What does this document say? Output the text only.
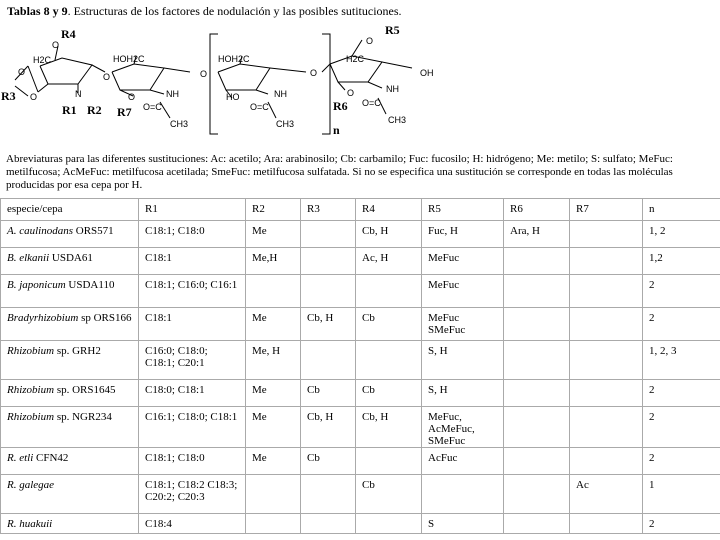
Tablas 8 y 9. Estructuras de los factores de nodulación y las posibles sutituciones.
O
R4
H2C
O
O
R3	N
R1 R2
O
HOH2C
O
R7
NH
O=C
CH3
O
HOH2C
HO	NH
O=C
CH3
O
n
O
R5
H2C
O
R6
NH
O=C
CH3
OH
Abreviaturas para las diferentes sustituciones: Ac: acetilo; Ara: arabinosilo; Cb: carbamilo; Fuc: fucosilo; H: hidrógeno; Me: metilo; S: sulfato; MeFuc: metilfucosa; AcMeFuc: metilfucosa acetilada; SmeFuc: metilfucosa sulfatada. Si no se especifica una sustitución se corresponde en todas las moléculas producidas por esa cepa por H.
especie/cepa	R1	R2	R3	R4	R5	R6	R7	n
A. caulinodans ORS571	C18:1; C18:0	Me		Cb, H	Fuc, H	Ara, H		1, 2
B. elkanii USDA61	C18:1	Me,H		Ac, H	MeFuc			1,2
B. japonicum USDA110	C18:1; C16:0; C16:1				MeFuc			2
Bradyrhizobium sp ORS166	C18:1	Me	Cb, H	Cb	MeFuc SMeFuc			2
Rhizobium sp. GRH2	C16:0; C18:0; C18:1; C20:1	Me, H			S, H			1, 2, 3
Rhizobium sp. ORS1645	C18:0; C18:1	Me	Cb	Cb	S, H			2
Rhizobium sp. NGR234	C16:1; C18:0; C18:1	Me	Cb, H	Cb, H	MeFuc, AcMeFuc, SMeFuc			2
R. etli CFN42	C18:1; C18:0	Me	Cb		AcFuc			2
R. galegae	C18:1; C18:2 C18:3; C20:2; C20:3			Cb			Ac	1
R. huakuii	C18:4				S			2
